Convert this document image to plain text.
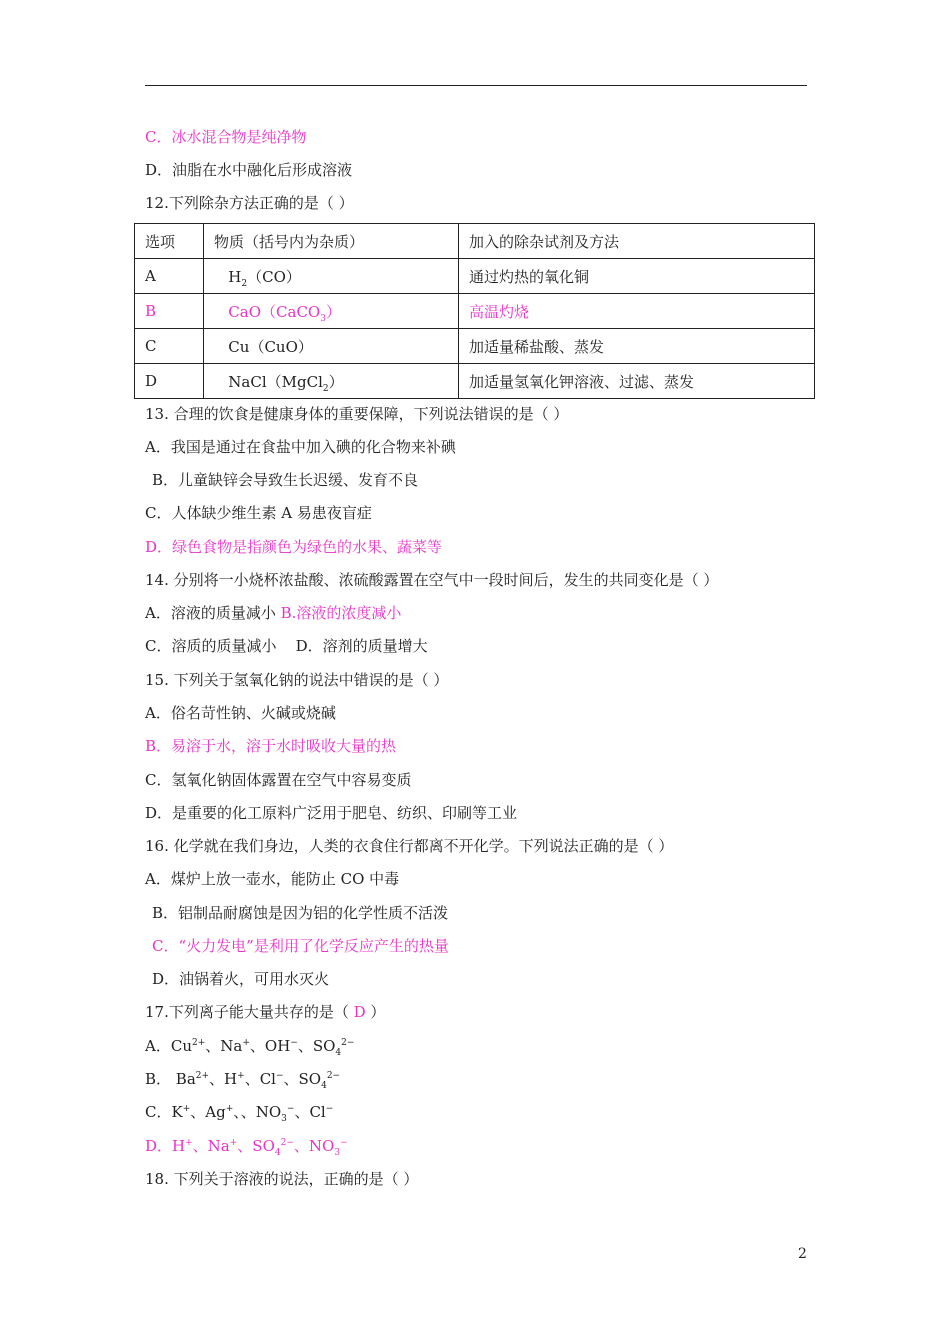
C．冰水混合物是纯净物
D．油脂在水中融化后形成溶液
12.下列除杂方法正确的是（ ）
选项	物质（括号内为杂质）	加入的除杂试剂及方法
A	$H_2(CO)$	通过灼热的氧化铜
B	CaO（CaCO$_3$）	高温灼烧
C	Cu（CuO）	加适量稀盐酸、蒸发
D	NaCl（MgCl$_2$）	加适量氢氧化钾溶液、过滤、蒸发
13. 合理的饮食是健康身体的重要保障，下列说法错误的是（ ）
A．我国是通过在食盐中加入碘的化合物来补碘
B．儿童缺锌会导致生长迟缓、发育不良
C．人体缺少维生素 A 易患夜盲症
D．绿色食物是指颜色为绿色的水果、蔬菜等
14. 分别将一小烧杯浓盐酸、浓硫酸露置在空气中一段时间后，发生的共同变化是（ ）
A．溶液的质量减小 B.溶液的浓度减小
C．溶质的质量减小 D．溶剂的质量增大
15. 下列关于氢氧化钠的说法中错误的是（ ）
A．俗名苛性钠、火碱或烧碱
B．易溶于水，溶于水时吸收大量的热
C．氢氧化钠固体露置在空气中容易变质
D．是重要的化工原料广泛用于肥皂、纺织、印刷等工业
16. 化学就在我们身边，人类的衣食住行都离不开化学。下列说法正确的是（ ）
A．煤炉上放一壶水，能防止 CO 中毒
B．铝制品耐腐蚀是因为铝的化学性质不活泼
C．“火力发电”是利用了化学反应产生的热量
D．油锅着火，可用水灭火
17.下列离子能大量共存的是（ D ）
A．$Cu^{2+}$、Na+、OH−、$SO_4^{2-}$
B． $Ba^{2+}$、H+、Cl−、$SO_4^{2-}$
C．K+、Ag+、、$NO_3^-$、Cl−
D．H+、Na+、$SO_4^{2-}$、$NO_3^-$
18. 下列关于溶液的说法，正确的是（ ）
2
